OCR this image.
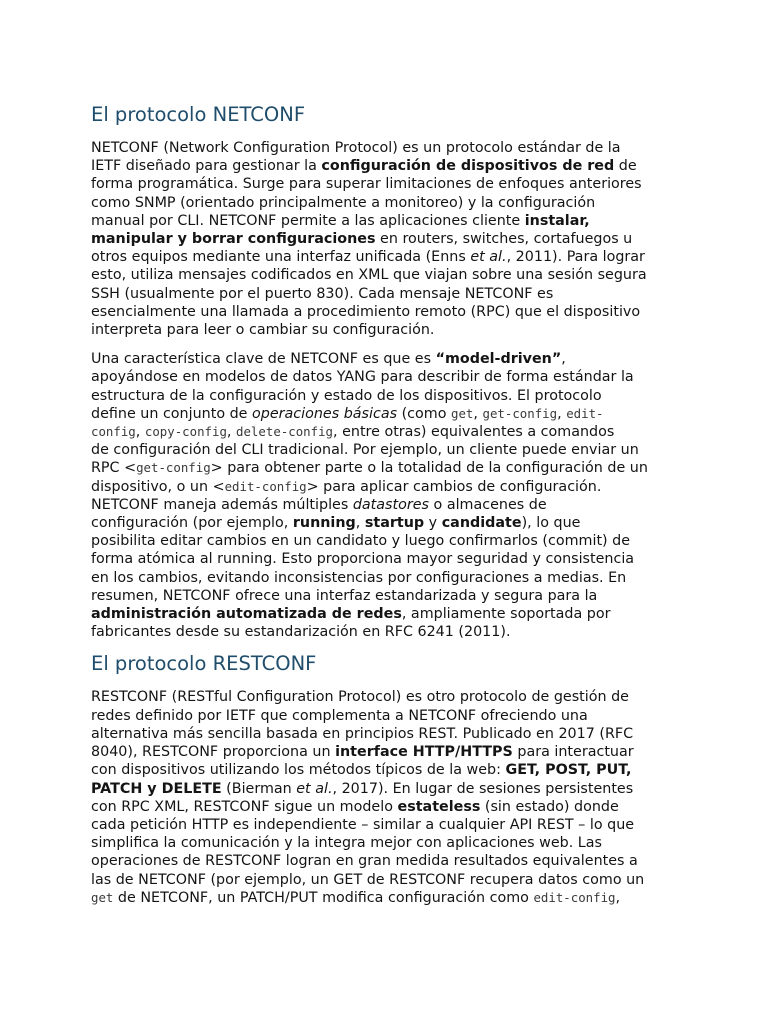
El protocolo NETCONF

NETCONF (Network Configuration Protocol) es un protocolo estándar de la
IETF diseñado para gestionar la configuración de dispositivos de red de
forma programática. Surge para superar limitaciones de enfoques anteriores
como SNMP (orientado principalmente a monitoreo) y la configuración
manual por CLI. NETCONF permite a las aplicaciones cliente instalar,
manipular y borrar configuraciones en routers, switches, cortafuegos u
otros equipos mediante una interfaz unificada (Enns et al., 2011). Para lograr
esto, utiliza mensajes codificados en XML que viajan sobre una sesión segura
SSH (usualmente por el puerto 830). Cada mensaje NETCONF es
esencialmente una llamada a procedimiento remoto (RPC) que el dispositivo
interpreta para leer o cambiar su configuración.

Una característica clave de NETCONF es que es “model-driven”,
apoyándose en modelos de datos YANG para describir de forma estándar la
estructura de la configuración y estado de los dispositivos. El protocolo
define un conjunto de operaciones básicas (como get, get-config, edit-
config, copy-config, delete-config, entre otras) equivalentes a comandos
de configuración del CLI tradicional. Por ejemplo, un cliente puede enviar un
RPC <get-config> para obtener parte o la totalidad de la configuración de un
dispositivo, o un <edit-config> para aplicar cambios de configuración.
NETCONF maneja además múltiples datastores o almacenes de
configuración (por ejemplo, running, startup y candidate), lo que
posibilita editar cambios en un candidato y luego confirmarlos (commit) de
forma atómica al running. Esto proporciona mayor seguridad y consistencia
en los cambios, evitando inconsistencias por configuraciones a medias. En
resumen, NETCONF ofrece una interfaz estandarizada y segura para la
administración automatizada de redes, ampliamente soportada por
fabricantes desde su estandarización en RFC 6241 (2011).

El protocolo RESTCONF

RESTCONF (RESTful Configuration Protocol) es otro protocolo de gestión de
redes definido por IETF que complementa a NETCONF ofreciendo una
alternativa más sencilla basada en principios REST. Publicado en 2017 (RFC
8040), RESTCONF proporciona un interface HTTP/HTTPS para interactuar
con dispositivos utilizando los métodos típicos de la web: GET, POST, PUT,
PATCH y DELETE (Bierman et al., 2017). En lugar de sesiones persistentes
con RPC XML, RESTCONF sigue un modelo estateless (sin estado) donde
cada petición HTTP es independiente – similar a cualquier API REST – lo que
simplifica la comunicación y la integra mejor con aplicaciones web. Las
operaciones de RESTCONF logran en gran medida resultados equivalentes a
las de NETCONF (por ejemplo, un GET de RESTCONF recupera datos como un
get de NETCONF, un PATCH/PUT modifica configuración como edit-config,
